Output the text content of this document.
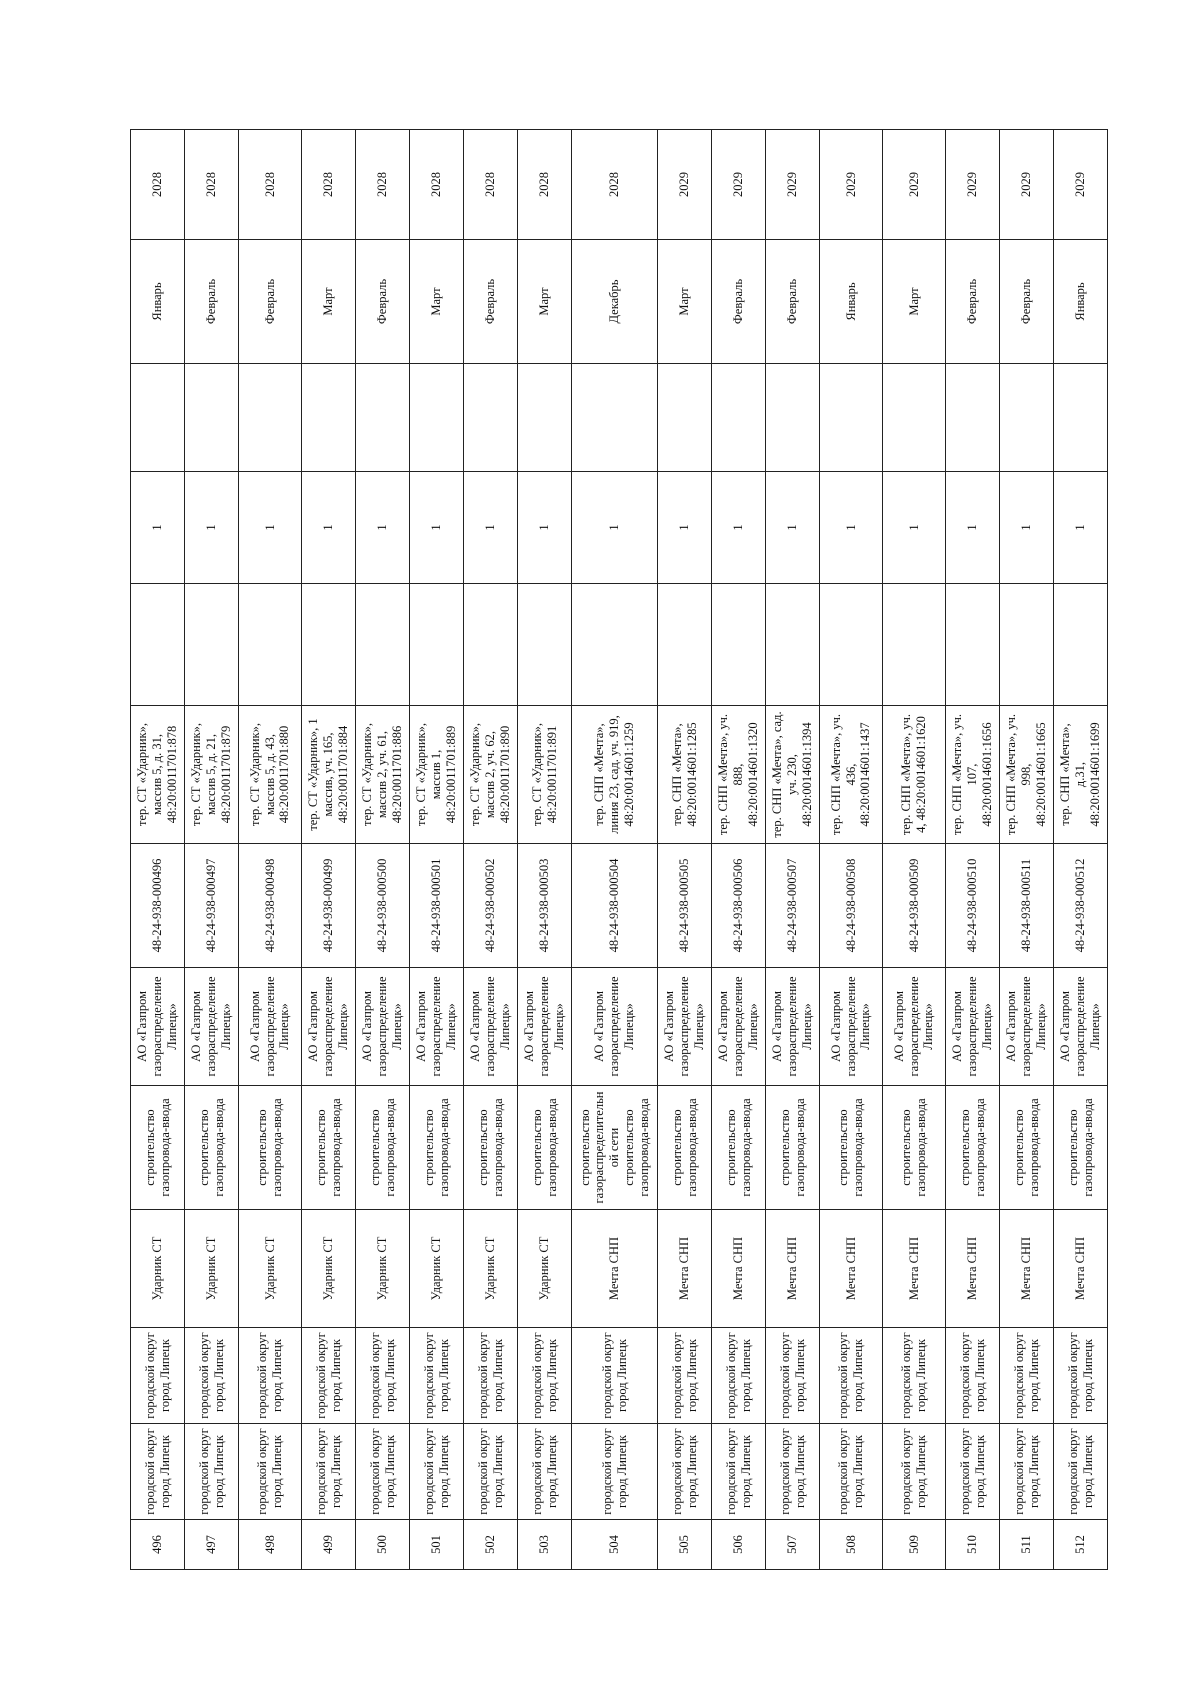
496	городской округ город Липецк	городской округ город Липецк	Ударник СТ	строительство газопровода-ввода	АО «Газпром газораспределение Липецк»	48-24-938-000496	тер. СТ «Ударник», массив 5, д. 31, 48:20:0011701:878		1		Январь	2028
497	городской округ город Липецк	городской округ город Липецк	Ударник СТ	строительство газопровода-ввода	АО «Газпром газораспределение Липецк»	48-24-938-000497	тер. СТ «Ударник», массив 5, д. 21, 48:20:0011701:879		1		Февраль	2028
498	городской округ город Липецк	городской округ город Липецк	Ударник СТ	строительство газопровода-ввода	АО «Газпром газораспределение Липецк»	48-24-938-000498	тер. СТ «Ударник», массив 5, д. 43, 48:20:0011701:880		1		Февраль	2028
499	городской округ город Липецк	городской округ город Липецк	Ударник СТ	строительство газопровода-ввода	АО «Газпром газораспределение Липецк»	48-24-938-000499	тер. СТ «Ударник», 1 массив, уч. 165, 48:20:0011701:884		1		Март	2028
500	городской округ город Липецк	городской округ город Липецк	Ударник СТ	строительство газопровода-ввода	АО «Газпром газораспределение Липецк»	48-24-938-000500	тер. СТ «Ударник», массив 2, уч. 61, 48:20:0011701:886		1		Февраль	2028
501	городской округ город Липецк	городской округ город Липецк	Ударник СТ	строительство газопровода-ввода	АО «Газпром газораспределение Липецк»	48-24-938-000501	тер. СТ «Ударник», массив 1, 48:20:0011701:889		1		Март	2028
502	городской округ город Липецк	городской округ город Липецк	Ударник СТ	строительство газопровода-ввода	АО «Газпром газораспределение Липецк»	48-24-938-000502	тер. СТ «Ударник», массив 2, уч. 62, 48:20:0011701:890		1		Февраль	2028
503	городской округ город Липецк	городской округ город Липецк	Ударник СТ	строительство газопровода-ввода	АО «Газпром газораспределение Липецк»	48-24-938-000503	тер. СТ «Ударник», 48:20:0011701:891		1		Март	2028
504	городской округ город Липецк	городской округ город Липецк	Мечта СНП	строительство газораспределительной сети строительство газопровода-ввода	АО «Газпром газораспределение Липецк»	48-24-938-000504	тер. СНП «Мечта», линия 23, сад. уч. 919, 48:20:0014601:1259		1		Декабрь	2028
505	городской округ город Липецк	городской округ город Липецк	Мечта СНП	строительство газопровода-ввода	АО «Газпром газораспределение Липецк»	48-24-938-000505	тер. СНП «Мечта», 48:20:0014601:1285		1		Март	2029
506	городской округ город Липецк	городской округ город Липецк	Мечта СНП	строительство газопровода-ввода	АО «Газпром газораспределение Липецк»	48-24-938-000506	тер. СНП «Мечта», уч. 888, 48:20:0014601:1320		1		Февраль	2029
507	городской округ город Липецк	городской округ город Липецк	Мечта СНП	строительство газопровода-ввода	АО «Газпром газораспределение Липецк»	48-24-938-000507	тер. СНП «Мечта», сад. уч. 230, 48:20:0014601:1394		1		Февраль	2029
508	городской округ город Липецк	городской округ город Липецк	Мечта СНП	строительство газопровода-ввода	АО «Газпром газораспределение Липецк»	48-24-938-000508	тер. СНП «Мечта», уч. 436, 48:20:0014601:1437		1		Январь	2029
509	городской округ город Липецк	городской округ город Липецк	Мечта СНП	строительство газопровода-ввода	АО «Газпром газораспределение Липецк»	48-24-938-000509	тер. СНП «Мечта», уч. 4, 48:20:0014601:1620		1		Март	2029
510	городской округ город Липецк	городской округ город Липецк	Мечта СНП	строительство газопровода-ввода	АО «Газпром газораспределение Липецк»	48-24-938-000510	тер. СНП «Мечта», уч. 107, 48:20:0014601:1656		1		Февраль	2029
511	городской округ город Липецк	городской округ город Липецк	Мечта СНП	строительство газопровода-ввода	АО «Газпром газораспределение Липецк»	48-24-938-000511	тер. СНП «Мечта», уч. 998, 48:20:0014601:1665		1		Февраль	2029
512	городской округ город Липецк	городской округ город Липецк	Мечта СНП	строительство газопровода-ввода	АО «Газпром газораспределение Липецк»	48-24-938-000512	тер. СНП «Мечта», д.31, 48:20:0014601:1699		1		Январь	2029
